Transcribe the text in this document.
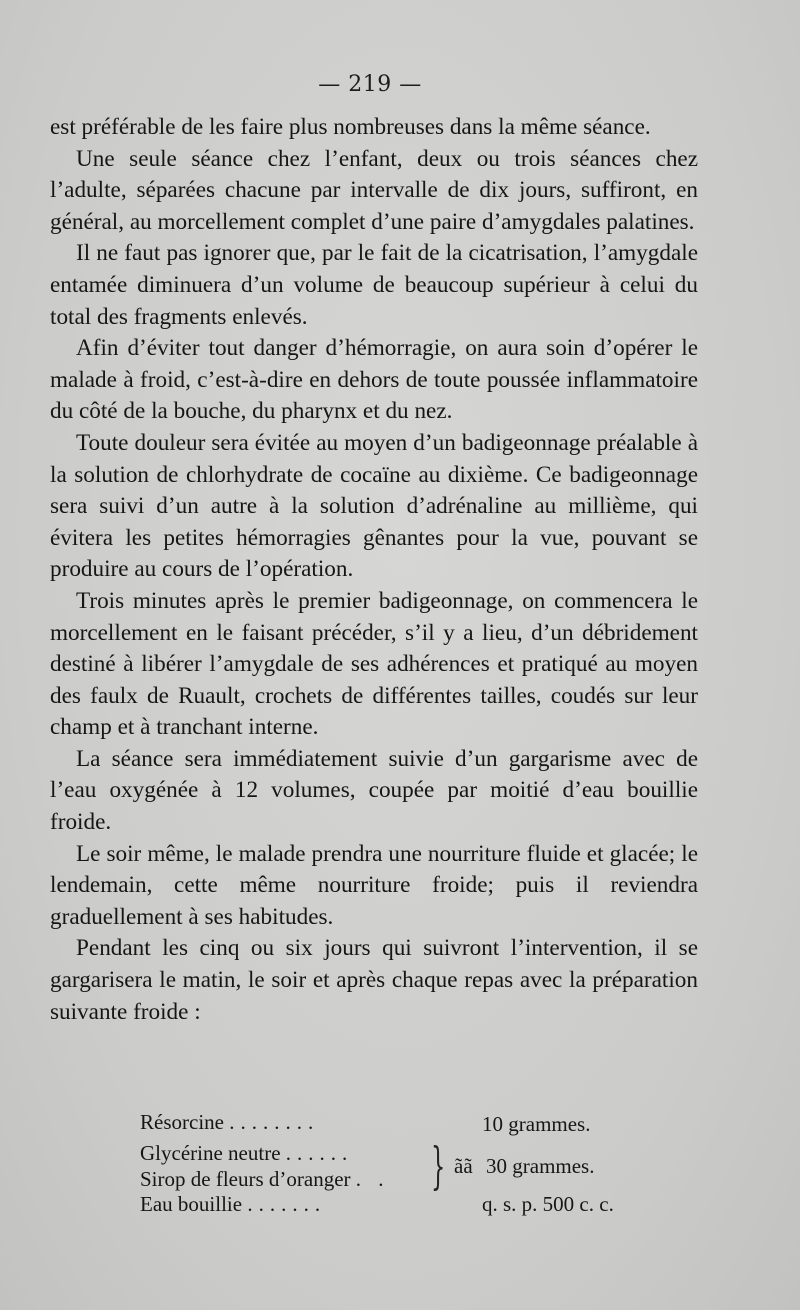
— 219 —

est préférable de les faire plus nombreuses dans la même séance.

Une seule séance chez l’enfant, deux ou trois séances chez l’adulte, séparées chacune par intervalle de dix jours, suffiront, en général, au morcellement complet d’une paire d’amygdales palatines.

Il ne faut pas ignorer que, par le fait de la cicatrisation, l’amygdale entamée diminuera d’un volume de beaucoup supérieur à celui du total des fragments enlevés.

Afin d’éviter tout danger d’hémorragie, on aura soin d’opérer le malade à froid, c’est-à-dire en dehors de toute poussée inflammatoire du côté de la bouche, du pharynx et du nez.

Toute douleur sera évitée au moyen d’un badigeonnage préalable à la solution de chlorhydrate de cocaïne au dixième. Ce badigeonnage sera suivi d’un autre à la solution d’adrénaline au millième, qui évitera les petites hémorragies gênantes pour la vue, pouvant se produire au cours de l’opération.

Trois minutes après le premier badigeonnage, on commencera le morcellement en le faisant précéder, s’il y a lieu, d’un débridement destiné à libérer l’amygdale de ses adhérences et pratiqué au moyen des faulx de Ruault, crochets de différentes tailles, coudés sur leur champ et à tranchant interne.

La séance sera immédiatement suivie d’un gargarisme avec de l’eau oxygénée à 12 volumes, coupée par moitié d’eau bouillie froide.

Le soir même, le malade prendra une nourriture fluide et glacée; le lendemain, cette même nourriture froide; puis il reviendra graduellement à ses habitudes.

Pendant les cinq ou six jours qui suivront l’intervention, il se gargarisera le matin, le soir et après chaque repas avec la préparation suivante froide :

Résorcine ........
Glycérine neutre ......
Sirop de fleurs d’oranger . .
Eau bouillie .......
}
10 grammes.
ãã 30 grammes.
q. s. p. 500 c. c.
